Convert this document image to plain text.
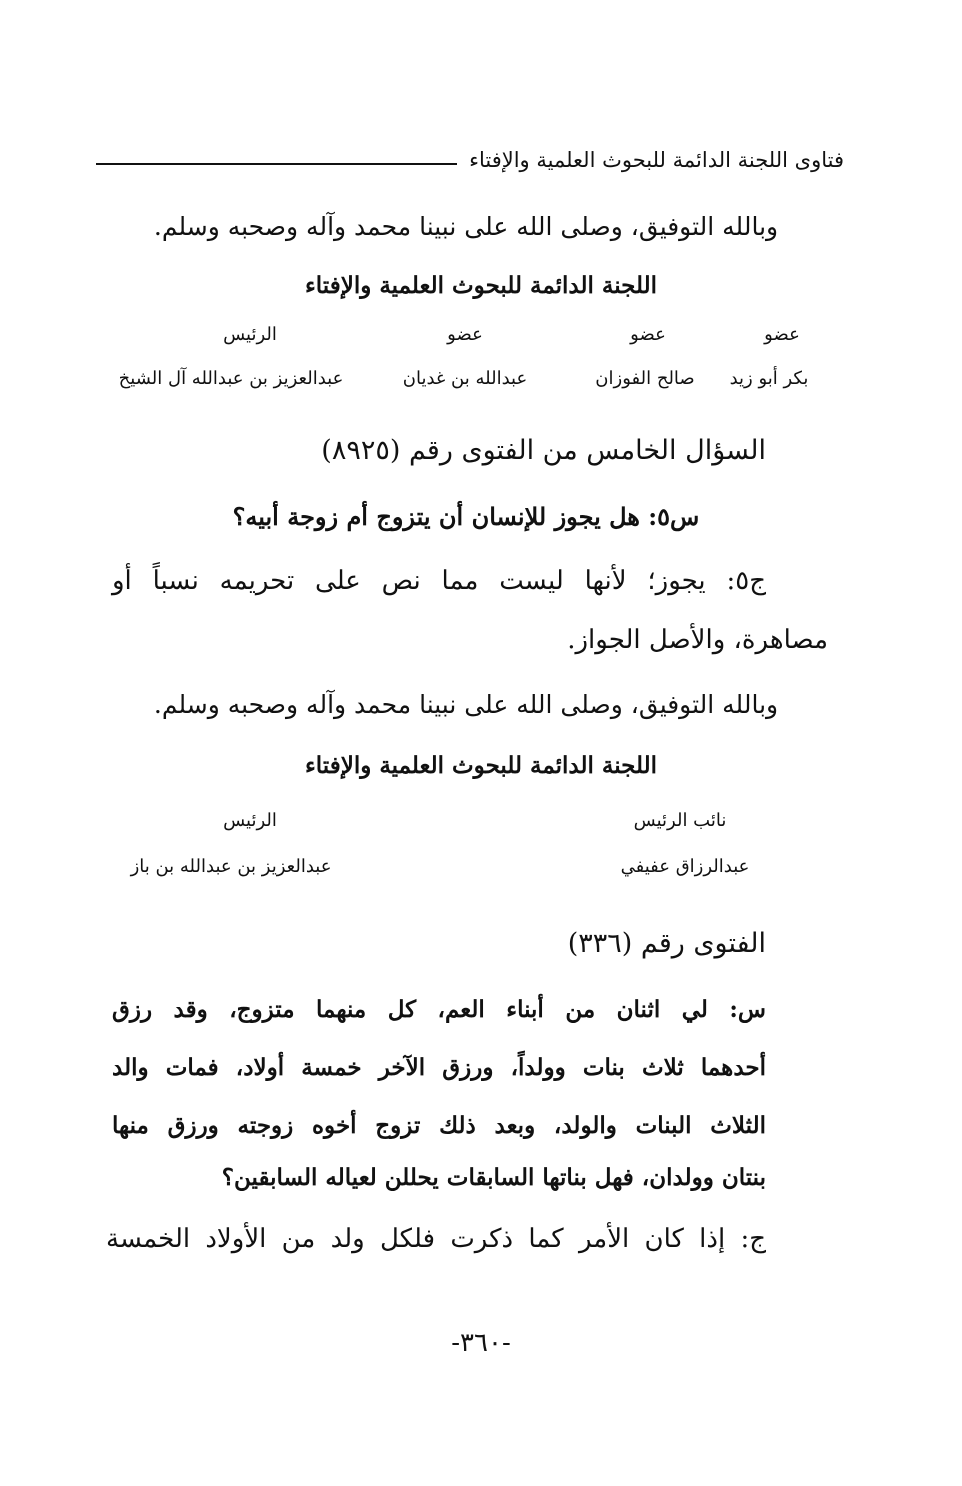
فتاوى اللجنة الدائمة للبحوث العلمية والإفتاء
وبالله التوفيق، وصلى الله على نبينا محمد وآله وصحبه وسلم.
اللجنة الدائمة للبحوث العلمية والإفتاء
عضو
عضو
عضو
الرئيس
بكر أبو زيد
صالح الفوزان
عبدالله بن غديان
عبدالعزيز بن عبدالله آل الشيخ
السؤال الخامس من الفتوى رقم (٨٩٢٥)
س٥: هل يجوز للإنسان أن يتزوج أم زوجة أبيه؟
ج٥: يجوز؛ لأنها ليست مما نص على تحريمه نسباً أو
مصاهرة، والأصل الجواز.
وبالله التوفيق، وصلى الله على نبينا محمد وآله وصحبه وسلم.
اللجنة الدائمة للبحوث العلمية والإفتاء
نائب الرئيس
الرئيس
عبدالرزاق عفيفي
عبدالعزيز بن عبدالله بن باز
الفتوى رقم (٣٣٦)
س: لي اثنان من أبناء العم، كل منهما متزوج، وقد رزق
أحدهما ثلاث بنات وولداً، ورزق الآخر خمسة أولاد، فمات والد
الثلاث البنات والولد، وبعد ذلك تزوج أخوه زوجته ورزق منها
بنتان وولدان، فهل بناتها السابقات يحللن لعياله السابقين؟
ج: إذا كان الأمر كما ذكرت فلكل ولد من الأولاد الخمسة
-٣٦٠-
